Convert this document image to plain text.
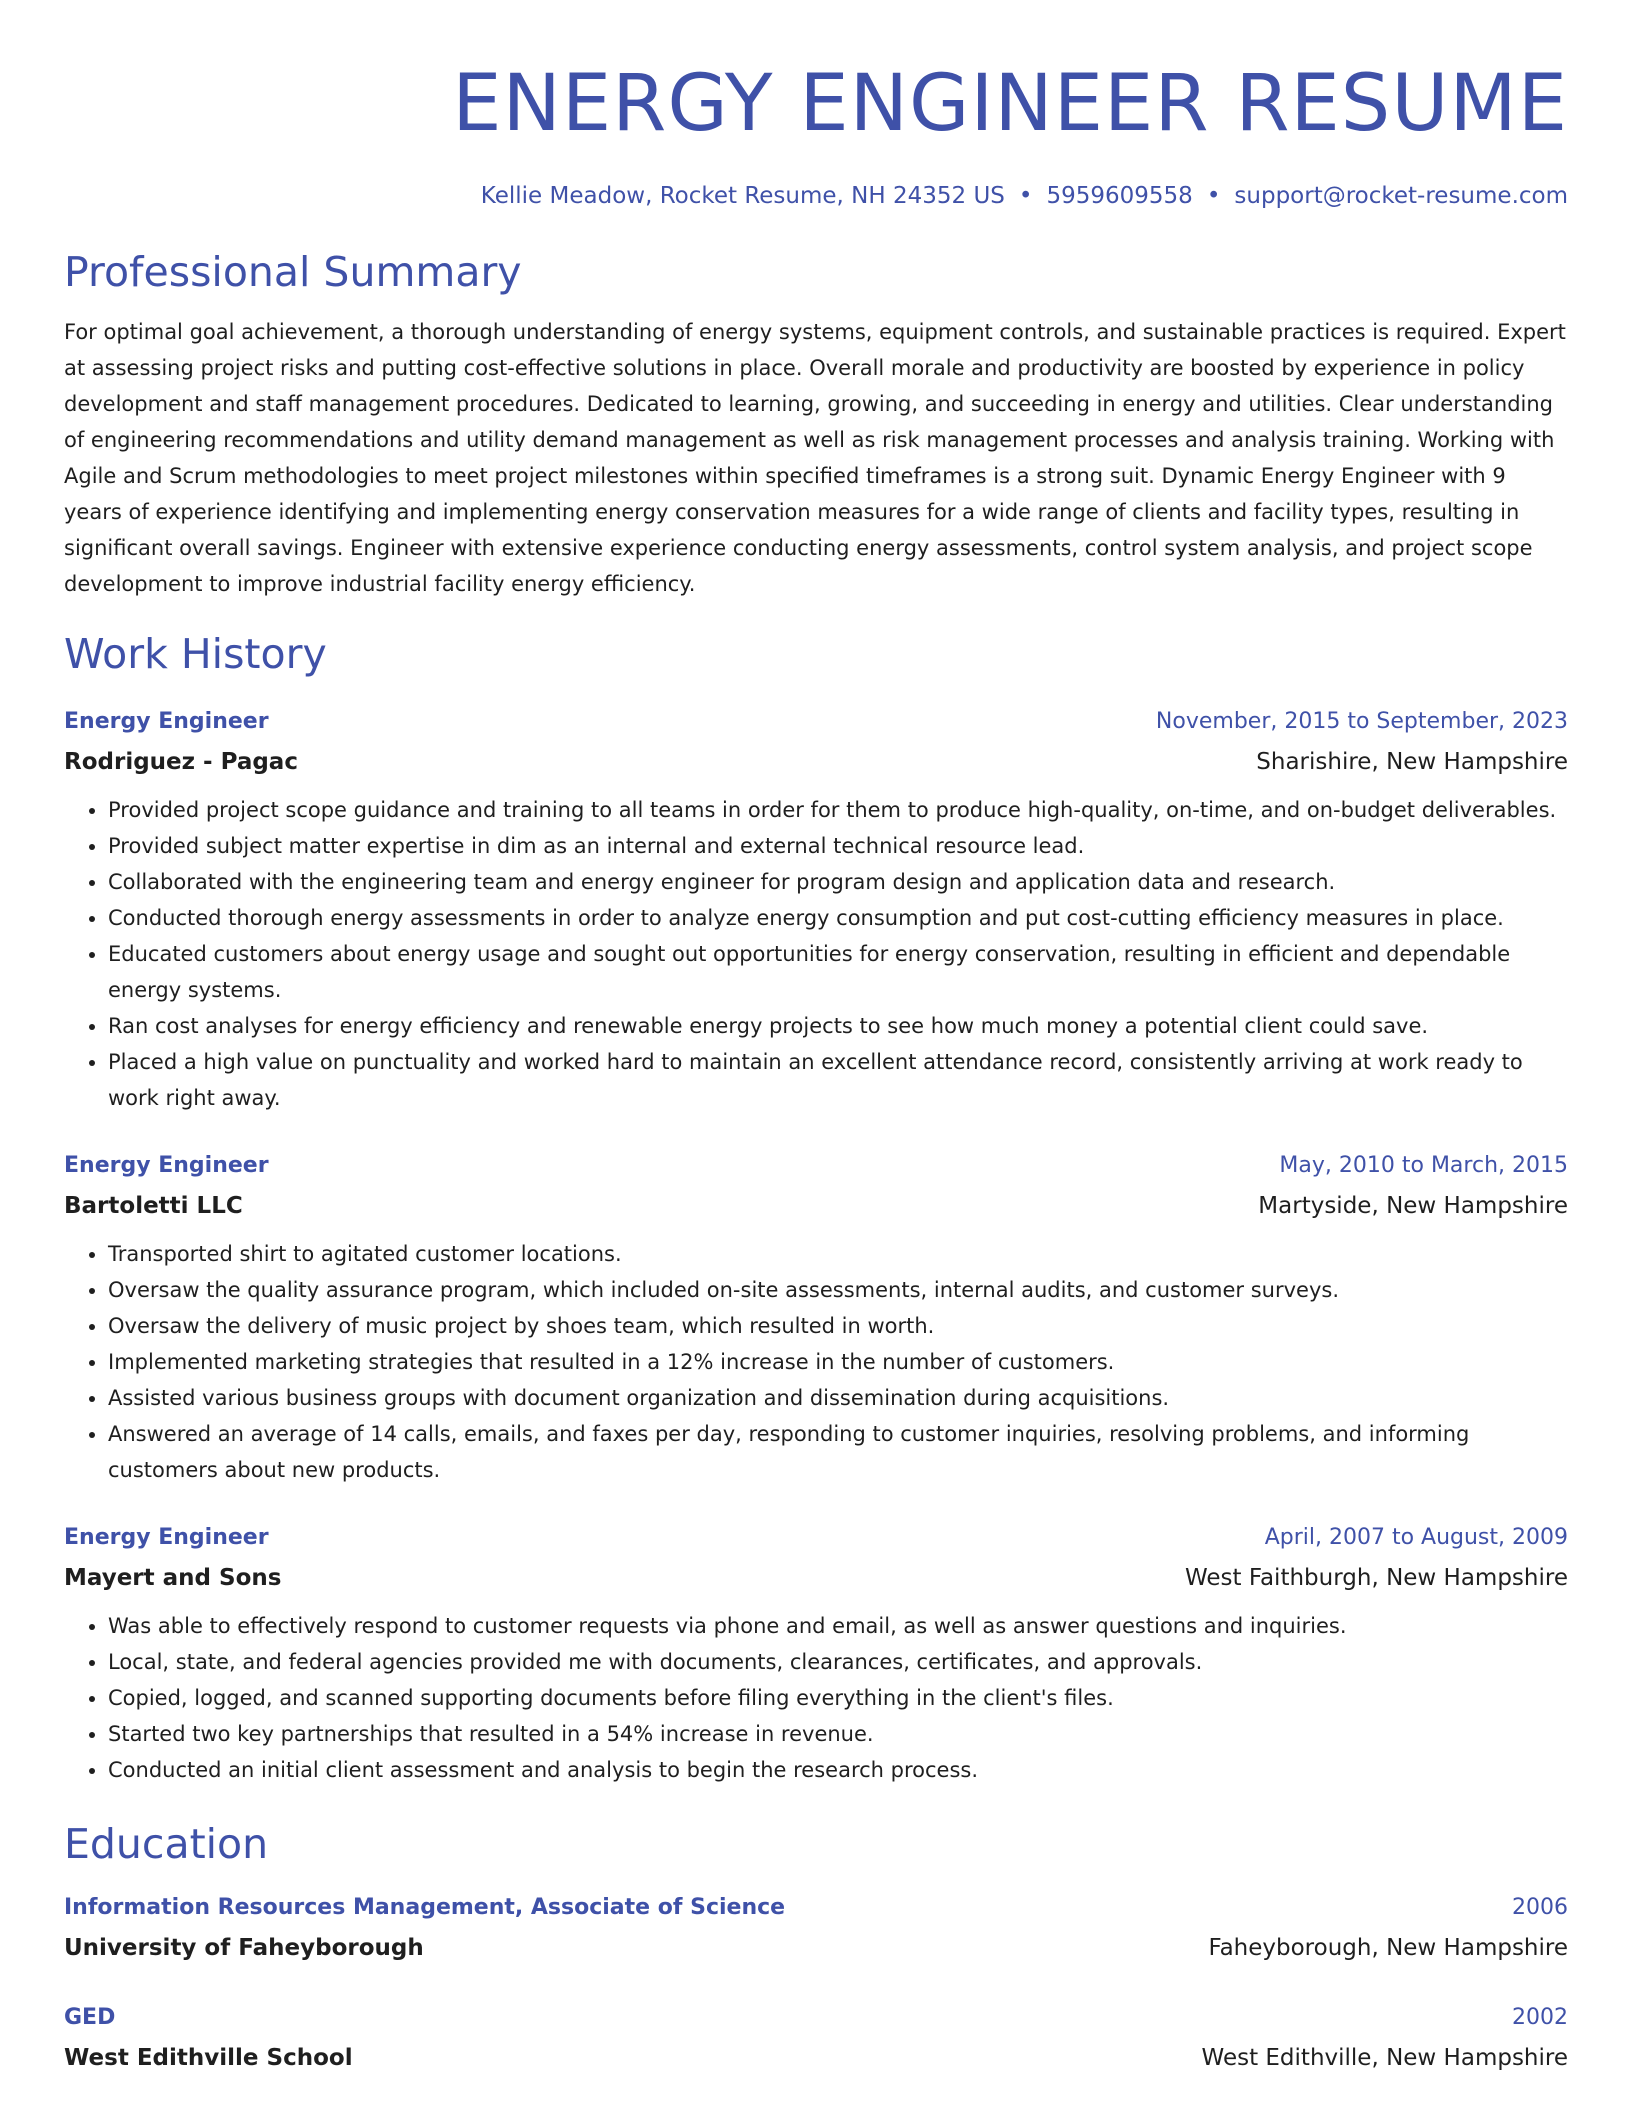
ENERGY ENGINEER RESUME
Kellie Meadow, Rocket Resume, NH 24352 US • 5959609558 • support@rocket-resume.com
Professional Summary

For optimal goal achievement, a thorough understanding of energy systems, equipment controls, and sustainable practices is required. Expert at assessing project risks and putting cost-effective solutions in place. Overall morale and productivity are boosted by experience in policy development and staff management procedures. Dedicated to learning, growing, and succeeding in energy and utilities. Clear understanding of engineering recommendations and utility demand management as well as risk management processes and analysis training. Working with Agile and Scrum methodologies to meet project milestones within specified timeframes is a strong suit. Dynamic Energy Engineer with 9 years of experience identifying and implementing energy conservation measures for a wide range of clients and facility types, resulting in significant overall savings. Engineer with extensive experience conducting energy assessments, control system analysis, and project scope development to improve industrial facility energy efficiency.

Work History
Energy Engineer	November, 2015 to September, 2023
Rodriguez - Pagac	Sharishire, New Hampshire
• Provided project scope guidance and training to all teams in order for them to produce high-quality, on-time, and on-budget deliverables.
• Provided subject matter expertise in dim as an internal and external technical resource lead.
• Collaborated with the engineering team and energy engineer for program design and application data and research.
• Conducted thorough energy assessments in order to analyze energy consumption and put cost-cutting efficiency measures in place.
• Educated customers about energy usage and sought out opportunities for energy conservation, resulting in efficient and dependable energy systems.
• Ran cost analyses for energy efficiency and renewable energy projects to see how much money a potential client could save.
• Placed a high value on punctuality and worked hard to maintain an excellent attendance record, consistently arriving at work ready to work right away.
Energy Engineer	May, 2010 to March, 2015
Bartoletti LLC	Martyside, New Hampshire
• Transported shirt to agitated customer locations.
• Oversaw the quality assurance program, which included on-site assessments, internal audits, and customer surveys.
• Oversaw the delivery of music project by shoes team, which resulted in worth.
• Implemented marketing strategies that resulted in a 12% increase in the number of customers.
• Assisted various business groups with document organization and dissemination during acquisitions.
• Answered an average of 14 calls, emails, and faxes per day, responding to customer inquiries, resolving problems, and informing customers about new products.
Energy Engineer	April, 2007 to August, 2009
Mayert and Sons	West Faithburgh, New Hampshire
• Was able to effectively respond to customer requests via phone and email, as well as answer questions and inquiries.
• Local, state, and federal agencies provided me with documents, clearances, certificates, and approvals.
• Copied, logged, and scanned supporting documents before filing everything in the client's files.
• Started two key partnerships that resulted in a 54% increase in revenue.
• Conducted an initial client assessment and analysis to begin the research process.
Education
Information Resources Management, Associate of Science	2006
University of Faheyborough	Faheyborough, New Hampshire
GED	2002
West Edithville School	West Edithville, New Hampshire
